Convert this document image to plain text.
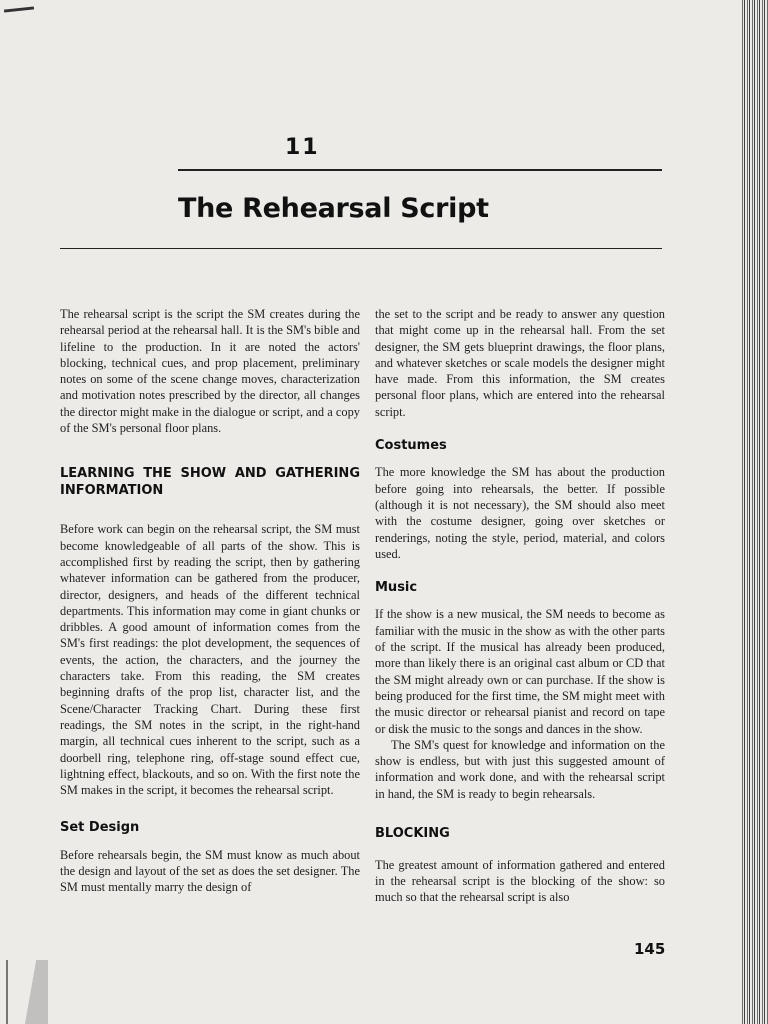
11
The Rehearsal Script

The rehearsal script is the script the SM creates during the rehearsal period at the rehearsal hall. It is the SM's bible and lifeline to the production. In it are noted the actors' blocking, technical cues, and prop placement, preliminary notes on some of the scene change moves, characterization and motivation notes prescribed by the director, all changes the director might make in the dialogue or script, and a copy of the SM's personal floor plans.

LEARNING THE SHOW AND GATHERING INFORMATION

Before work can begin on the rehearsal script, the SM must become knowledgeable of all parts of the show. This is accomplished first by reading the script, then by gathering whatever information can be gathered from the producer, director, designers, and heads of the different technical departments. This information may come in giant chunks or dribbles. A good amount of information comes from the SM's first readings: the plot development, the sequences of events, the action, the characters, and the journey the characters take. From this reading, the SM creates beginning drafts of the prop list, character list, and the Scene/Character Tracking Chart. During these first readings, the SM notes in the script, in the right-hand margin, all technical cues inherent to the script, such as a doorbell ring, telephone ring, off-stage sound effect cue, lightning effect, blackouts, and so on. With the first note the SM makes in the script, it becomes the rehearsal script.

Set Design

Before rehearsals begin, the SM must know as much about the design and layout of the set as does the set designer. The SM must mentally marry the design of

the set to the script and be ready to answer any question that might come up in the rehearsal hall. From the set designer, the SM gets blueprint drawings, the floor plans, and whatever sketches or scale models the designer might have made. From this information, the SM creates personal floor plans, which are entered into the rehearsal script.

Costumes

The more knowledge the SM has about the production before going into rehearsals, the better. If possible (although it is not necessary), the SM should also meet with the costume designer, going over sketches or renderings, noting the style, period, material, and colors used.

Music

If the show is a new musical, the SM needs to become as familiar with the music in the show as with the other parts of the script. If the musical has already been produced, more than likely there is an original cast album or CD that the SM might already own or can purchase. If the show is being produced for the first time, the SM might meet with the music director or rehearsal pianist and record on tape or disk the music to the songs and dances in the show.

The SM's quest for knowledge and information on the show is endless, but with just this suggested amount of information and work done, and with the rehearsal script in hand, the SM is ready to begin rehearsals.

BLOCKING

The greatest amount of information gathered and entered in the rehearsal script is the blocking of the show: so much so that the rehearsal script is also

145
